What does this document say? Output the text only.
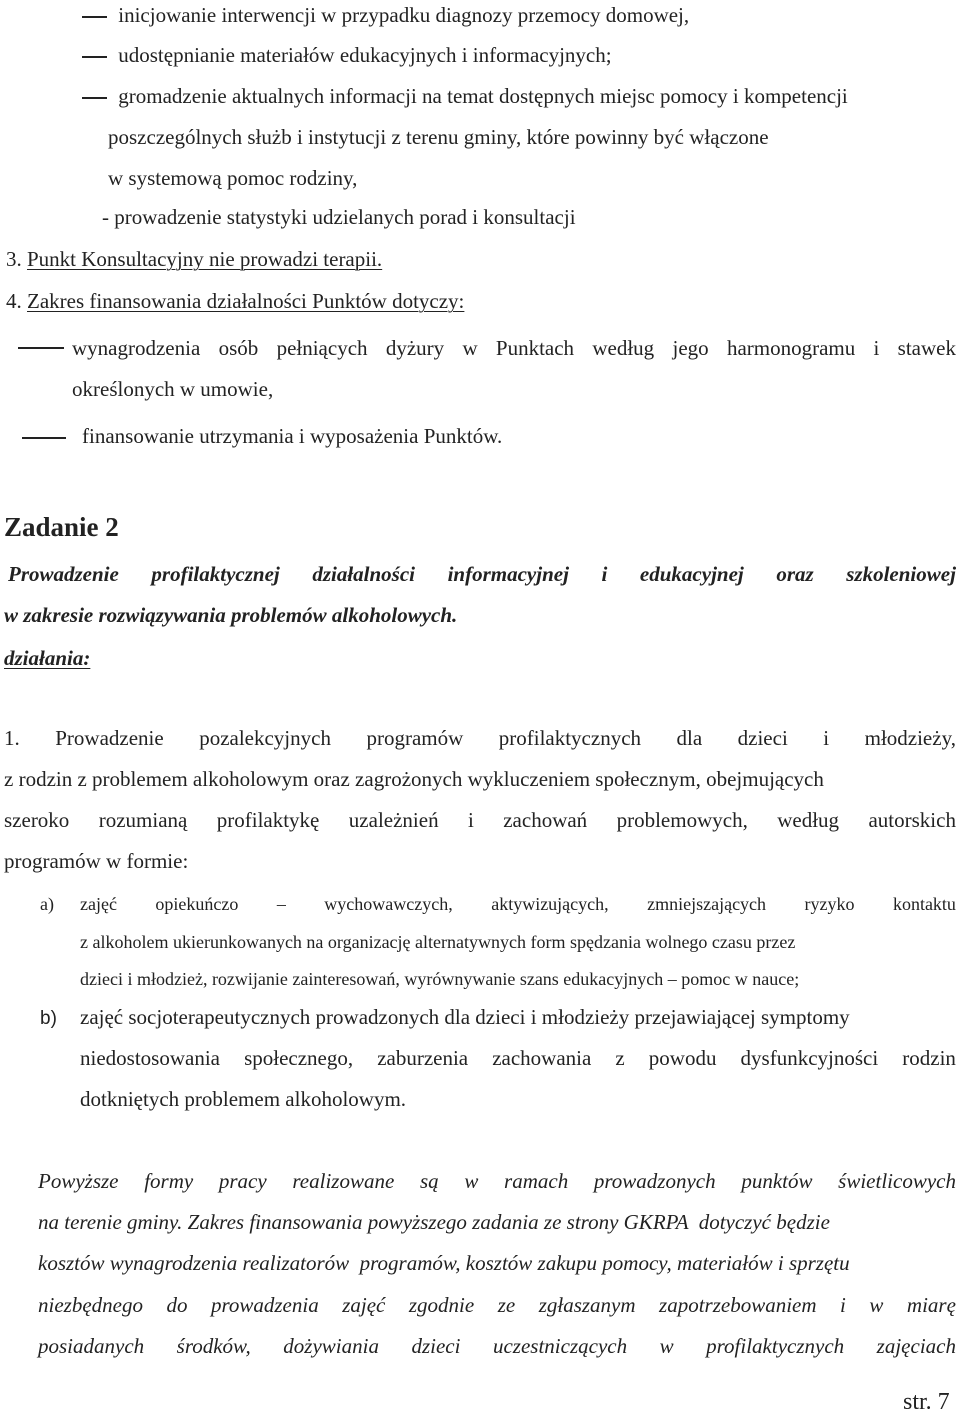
inicjowanie interwencji w przypadku diagnozy przemocy domowej,
udostępnianie materiałów edukacyjnych i informacyjnych;
gromadzenie aktualnych informacji na temat dostępnych miejsc pomocy i kompetencji
poszczególnych służb i instytucji z terenu gminy, które powinny być włączone
w systemową pomoc rodziny,
- prowadzenie statystyki udzielanych porad i konsultacji
3. Punkt Konsultacyjny nie prowadzi terapii.
4. Zakres finansowania działalności Punktów dotyczy:
wynagrodzenia osób pełniących dyżury w Punktach według jego harmonogramu i stawek
określonych w umowie,
finansowanie utrzymania i wyposażenia Punktów.
Zadanie 2
Prowadzenie profilaktycznej działalności informacyjnej i edukacyjnej oraz szkoleniowej
w zakresie rozwiązywania problemów alkoholowych.
działania:
1. Prowadzenie pozalekcyjnych programów profilaktycznych dla dzieci i młodzieży,
z rodzin z problemem alkoholowym oraz zagrożonych wykluczeniem społecznym, obejmujących
szeroko rozumianą profilaktykę uzależnień i zachowań problemowych, według autorskich
programów w formie:
a) zajęć opiekuńczo – wychowawczych, aktywizujących, zmniejszających ryzyko kontaktu
z alkoholem ukierunkowanych na organizację alternatywnych form spędzania wolnego czasu przez
dzieci i młodzież, rozwijanie zainteresowań, wyrównywanie szans edukacyjnych – pomoc w nauce;
b) zajęć socjoterapeutycznych prowadzonych dla dzieci i młodzieży przejawiającej symptomy
niedostosowania społecznego, zaburzenia zachowania z powodu dysfunkcyjności rodzin
dotkniętych problemem alkoholowym.
Powyższe formy pracy realizowane są w ramach prowadzonych punktów świetlicowych
na terenie gminy. Zakres finansowania powyższego zadania ze strony GKRPA  dotyczyć będzie
kosztów wynagrodzenia realizatorów  programów, kosztów zakupu pomocy, materiałów i sprzętu
niezbędnego do prowadzenia zajęć zgodnie ze zgłaszanym zapotrzebowaniem i w miarę
posiadanych środków, dożywiania dzieci uczestniczących w profilaktycznych zajęciach
str. 7
